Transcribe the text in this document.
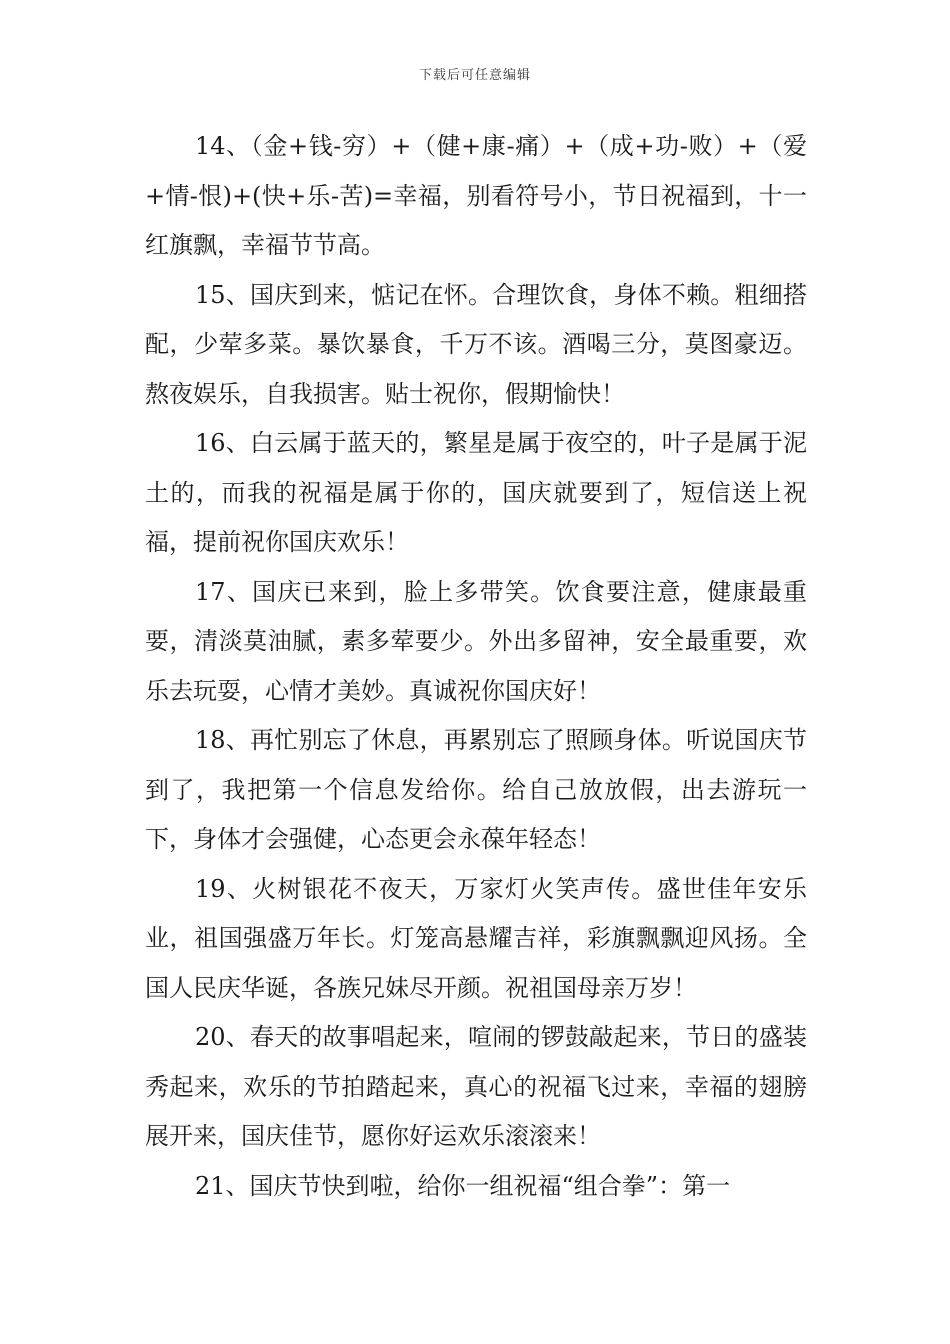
下载后可任意编辑

14、（金+钱-穷）+（健+康-痛）+（成+功-败）+（爱+情-恨)+(快+乐-苦)=幸福，别看符号小，节日祝福到，十一红旗飘，幸福节节高。

15、国庆到来，惦记在怀。合理饮食，身体不赖。粗细搭配，少荤多菜。暴饮暴食，千万不该。酒喝三分，莫图豪迈。熬夜娱乐，自我损害。贴士祝你，假期愉快！

16、白云属于蓝天的，繁星是属于夜空的，叶子是属于泥土的，而我的祝福是属于你的，国庆就要到了，短信送上祝福，提前祝你国庆欢乐！

17、国庆已来到，脸上多带笑。饮食要注意，健康最重要，清淡莫油腻，素多荤要少。外出多留神，安全最重要，欢乐去玩耍，心情才美妙。真诚祝你国庆好！

18、再忙别忘了休息，再累别忘了照顾身体。听说国庆节到了，我把第一个信息发给你。给自己放放假，出去游玩一下，身体才会强健，心态更会永葆年轻态！

19、火树银花不夜天，万家灯火笑声传。盛世佳年安乐业，祖国强盛万年长。灯笼高悬耀吉祥，彩旗飘飘迎风扬。全国人民庆华诞，各族兄妹尽开颜。祝祖国母亲万岁！

20、春天的故事唱起来，喧闹的锣鼓敲起来，节日的盛装秀起来，欢乐的节拍踏起来，真心的祝福飞过来，幸福的翅膀展开来，国庆佳节，愿你好运欢乐滚滚来！

21、国庆节快到啦，给你一组祝福“组合拳”：第一
